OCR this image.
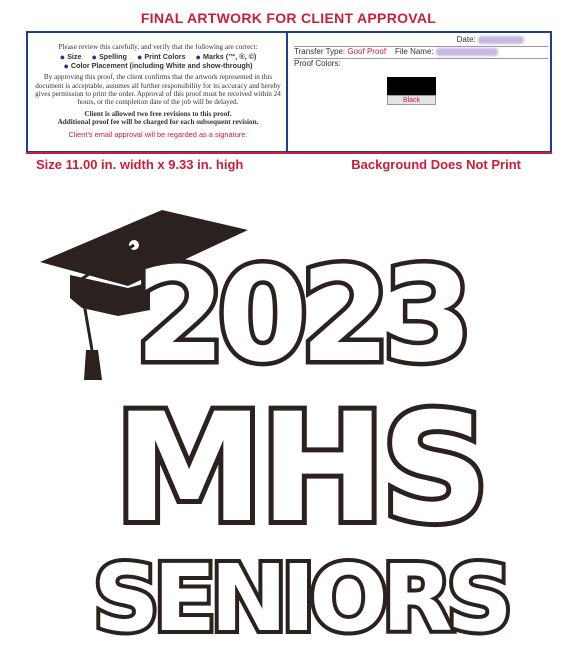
FINAL ARTWORK FOR CLIENT APPROVAL
Please review this carefully, and verify that the following are correct:
● Size ● Spelling ● Print Colors ● Marks (™, ®, ©)
● Color Placement (including White and show-through)
By approving this proof, the client confirms that the artwork represented in this document is acceptable, assumes all further responsibility for its accuracy and hereby gives permission to print the order. Approval of this proof must be received within 24 hours, or the completion date of the job will be delayed.
Client is allowed two free revisions to this proof.
Additional proof fee will be charged for each subsequent revision.
Client's email approval will be regarded as a signature.
Date:
Transfer Type: Goof Proof File Name:
Proof Colors:
Black
Size 11.00 in. width x 9.33 in. high	Background Does Not Print
2023
MHS
SENIORS
